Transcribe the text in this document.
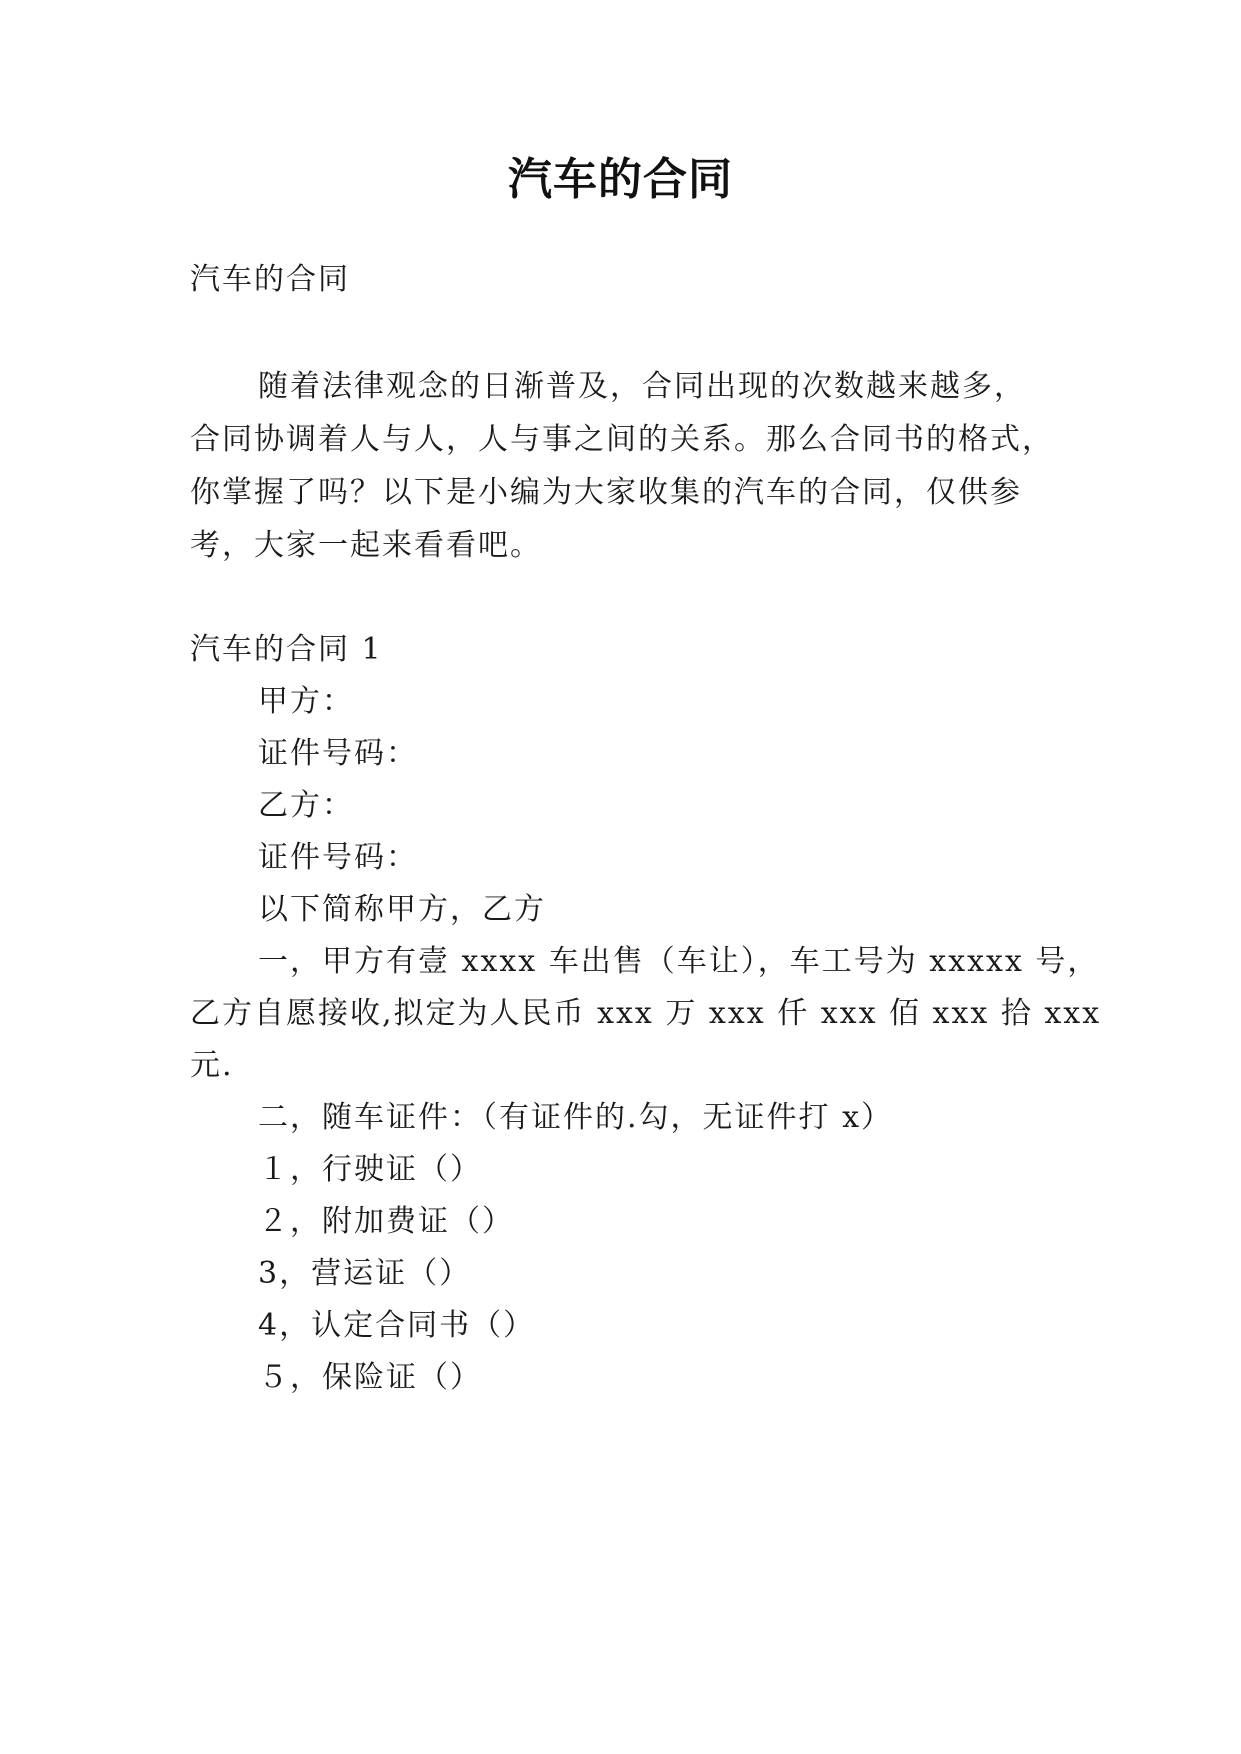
汽车的合同

汽车的合同

随着法律观念的日渐普及，合同出现的次数越来越多，

合同协调着人与人，人与事之间的关系。那么合同书的格式，

你掌握了吗？以下是小编为大家收集的汽车的合同，仅供参

考，大家一起来看看吧。

汽车的合同 1

甲方：

证件号码：

乙方：

证件号码：

以下简称甲方，乙方

一，甲方有壹 xxxx 车出售（车让），车工号为 xxxxx 号，

乙方自愿接收,拟定为人民币 xxx 万 xxx 仟 xxx 佰 xxx 拾 xxx

元.

二，随车证件：（有证件的.勾，无证件打 x）

１，行驶证（）

２，附加费证（）

3，营运证（）

4，认定合同书（）

５，保险证（）
